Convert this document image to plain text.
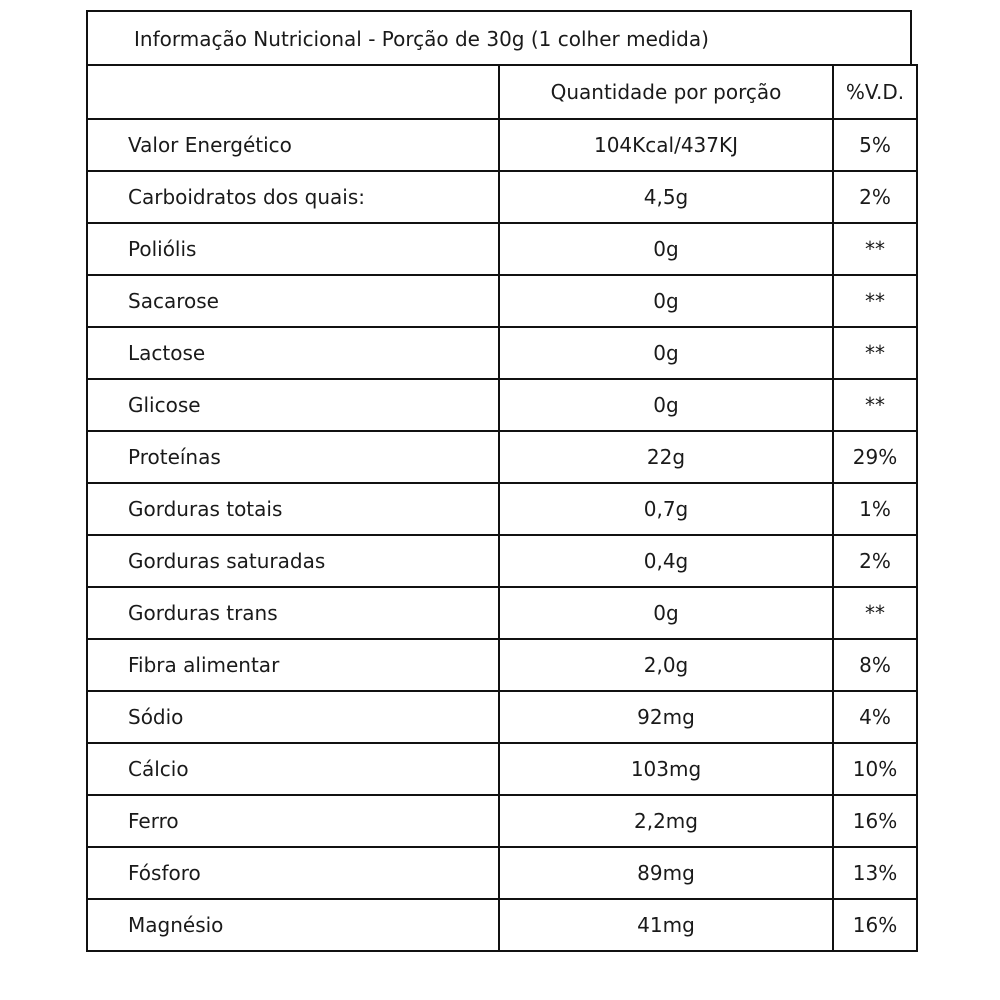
Informação Nutricional - Porção de 30g (1 colher medida)
	Quantidade por porção	%V.D.
Valor Energético	104Kcal/437KJ	5%
Carboidratos dos quais:	4,5g	2%
Poliólis	0g	**
Sacarose	0g	**
Lactose	0g	**
Glicose	0g	**
Proteínas	22g	29%
Gorduras totais	0,7g	1%
Gorduras saturadas	0,4g	2%
Gorduras trans	0g	**
Fibra alimentar	2,0g	8%
Sódio	92mg	4%
Cálcio	103mg	10%
Ferro	2,2mg	16%
Fósforo	89mg	13%
Magnésio	41mg	16%
